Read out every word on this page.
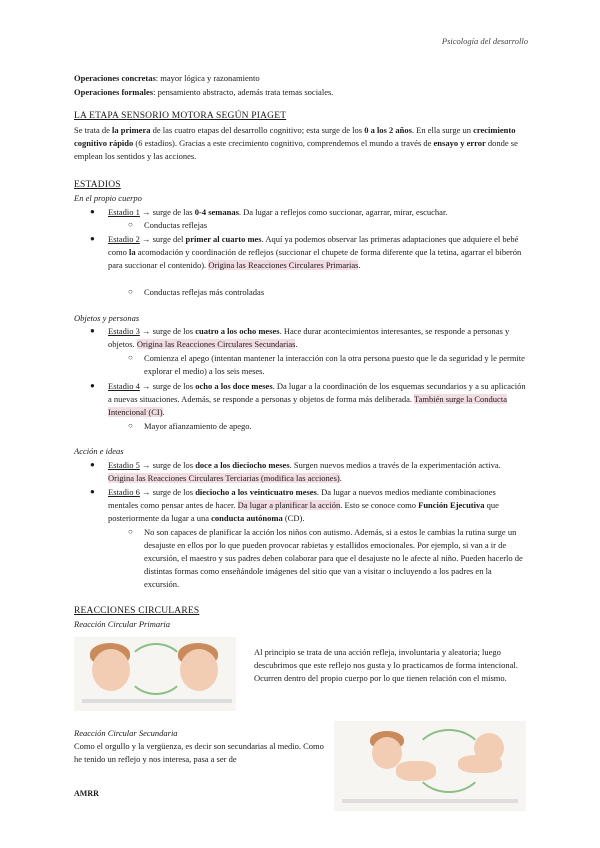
Psicología del desarrollo
Operaciones concretas: mayor lógica y razonamiento
Operaciones formales: pensamiento abstracto, además trata temas sociales.
LA ETAPA SENSORIO MOTORA SEGÚN PIAGET
Se trata de la primera de las cuatro etapas del desarrollo cognitivo; esta surge de los 0 a los 2 años. En ella surge un crecimiento cognitivo rápido (6 estadios). Gracias a este crecimiento cognitivo, comprendemos el mundo a través de ensayo y error donde se emplean los sentidos y las acciones.
ESTADIOS
En el propio cuerpo
● Estadio 1 → surge de las 0-4 semanas. Da lugar a reflejos como succionar, agarrar, mirar, escuchar.
○ Conductas reflejas
● Estadio 2 → surge del primer al cuarto mes. Aquí ya podemos observar las primeras adaptaciones que adquiere el bebé como la acomodación y coordinación de reflejos (succionar el chupete de forma diferente que la tetina, agarrar el biberón para succionar el contenido). Origina las Reacciones Circulares Primarias.
○ Conductas reflejas más controladas
Objetos y personas
● Estadio 3 → surge de los cuatro a los ocho meses. Hace durar acontecimientos interesantes, se responde a personas y objetos. Origina las Reacciones Circulares Secundarias.
○ Comienza el apego (intentan mantener la interacción con la otra persona puesto que le da seguridad y le permite explorar el medio) a los seis meses.
● Estadio 4 → surge de los ocho a los doce meses. Da lugar a la coordinación de los esquemas secundarios y a su aplicación a nuevas situaciones. Además, se responde a personas y objetos de forma más deliberada. También surge la Conducta Intencional (CI).
○ Mayor afianzamiento de apego.
Acción e ideas
● Estadio 5 → surge de los doce a los dieciocho meses. Surgen nuevos medios a través de la experimentación activa. Origina las Reacciones Circulares Terciarias (modifica las acciones).
● Estadio 6 → surge de los dieciocho a los veinticuatro meses. Da lugar a nuevos medios mediante combinaciones mentales como pensar antes de hacer. Da lugar a planificar la acción. Esto se conoce como Función Ejecutiva que posteriormente da lugar a una conducta autónoma (CD).
○ No son capaces de planificar la acción los niños con autismo. Además, si a estos le cambias la rutina surge un desajuste en ellos por lo que pueden provocar rabietas y estallidos emocionales. Por ejemplo, si van a ir de excursión, el maestro y sus padres deben colaborar para que el desajuste no le afecte al niño. Pueden hacerlo de distintas formas como enseñándole imágenes del sitio que van a visitar o incluyendo a los padres en la excursión.
REACCIONES CIRCULARES
Reacción Circular Primaria
Al principio se trata de una acción refleja, involuntaria y aleatoria; luego descubrimos que este reflejo nos gusta y lo practicamos de forma intencional. Ocurren dentro del propio cuerpo por lo que tienen relación con el mismo.
Reacción Circular Secundaria
Como el orgullo y la vergüenza, es decir son secundarias al medio. Como he tenido un reflejo y nos interesa, pasa a ser de
AMRR
